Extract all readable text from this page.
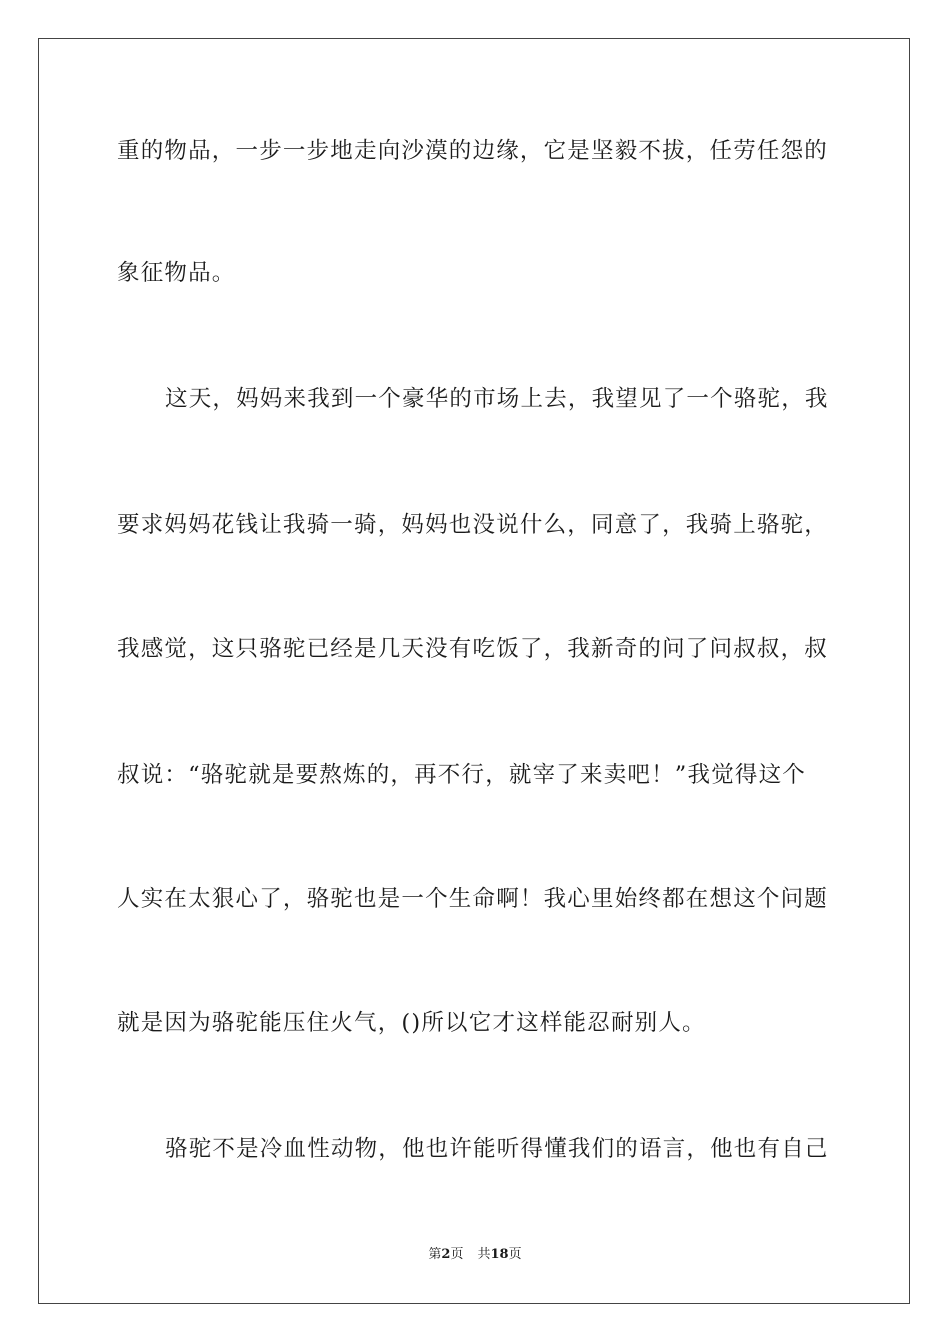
重的物品，一步一步地走向沙漠的边缘，它是坚毅不拔，任劳任怨的
象征物品。
这天，妈妈来我到一个豪华的市场上去，我望见了一个骆驼，我
要求妈妈花钱让我骑一骑，妈妈也没说什么，同意了，我骑上骆驼，
我感觉，这只骆驼已经是几天没有吃饭了，我新奇的问了问叔叔，叔
叔说：“骆驼就是要熬炼的，再不行，就宰了来卖吧！”我觉得这个
人实在太狠心了，骆驼也是一个生命啊！我心里始终都在想这个问题
就是因为骆驼能压住火气，()所以它才这样能忍耐别人。
骆驼不是冷血性动物，他也许能听得懂我们的语言，他也有自己
第2页 共18页
